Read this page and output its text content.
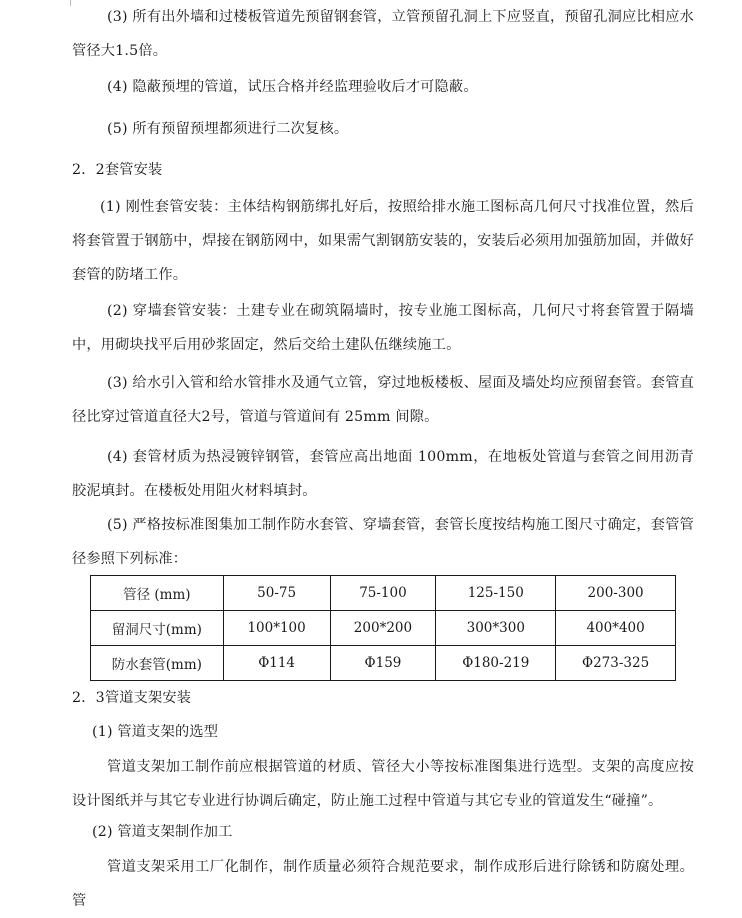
(3) 所有出外墙和过楼板管道先预留钢套管，立管预留孔洞上下应竖直，预留孔洞应比相应水管径大1.5倍。

(4) 隐蔽预埋的管道，试压合格并经监理验收后才可隐蔽。

(5) 所有预留预埋都须进行二次复核。

2．2套管安装

(1) 刚性套管安装：主体结构钢筋绑扎好后，按照给排水施工图标高几何尺寸找准位置，然后将套管置于钢筋中，焊接在钢筋网中，如果需气割钢筋安装的，安装后必须用加强筋加固，并做好套管的防堵工作。

(2) 穿墙套管安装：土建专业在砌筑隔墙时，按专业施工图标高，几何尺寸将套管置于隔墙中，用砌块找平后用砂浆固定，然后交给土建队伍继续施工。

(3) 给水引入管和给水管排水及通气立管，穿过地板楼板、屋面及墙处均应预留套管。套管直径比穿过管道直径大2号，管道与管道间有 25mm 间隙。

(4) 套管材质为热浸镀锌钢管，套管应高出地面 100mm，在地板处管道与套管之间用沥青胶泥填封。在楼板处用阻火材料填封。

(5) 严格按标准图集加工制作防水套管、穿墙套管，套管长度按结构施工图尺寸确定，套管管径参照下列标准：

管径 (mm)	50-75	75-100	125-150	200-300
留洞尺寸(mm)	100*100	200*200	300*300	400*400
防水套管(mm)	Φ114	Φ159	Φ180-219	Φ273-325

2．3管道支架安装

(1) 管道支架的选型

管道支架加工制作前应根据管道的材质、管径大小等按标准图集进行选型。支架的高度应按设计图纸并与其它专业进行协调后确定，防止施工过程中管道与其它专业的管道发生“碰撞”。

(2) 管道支架制作加工

管道支架采用工厂化制作，制作质量必须符合规范要求，制作成形后进行除锈和防腐处理。管
